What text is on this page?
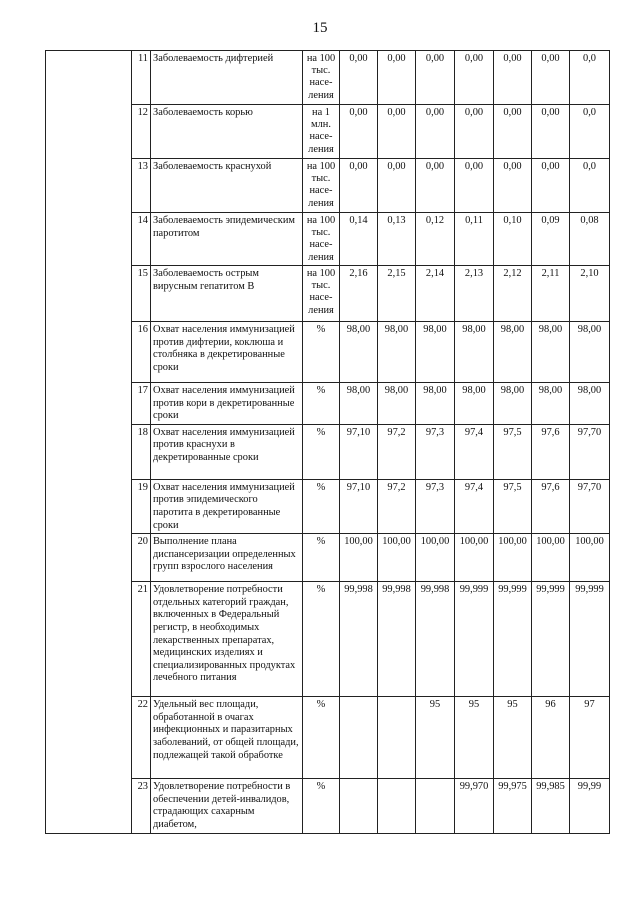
15
	11	Заболеваемость дифтерией	на 100 тыс. насе-ления	0,00	0,00	0,00	0,00	0,00	0,00	0,0
	12	Заболеваемость корью	на 1 млн. насе-ления	0,00	0,00	0,00	0,00	0,00	0,00	0,0
	13	Заболеваемость краснухой	на 100 тыс. насе-ления	0,00	0,00	0,00	0,00	0,00	0,00	0,0
	14	Заболеваемость эпидемическим паротитом	на 100 тыс. насе-ления	0,14	0,13	0,12	0,11	0,10	0,09	0,08
	15	Заболеваемость острым вирусным гепатитом В	на 100 тыс. насе-ления	2,16	2,15	2,14	2,13	2,12	2,11	2,10
	16	Охват населения иммунизацией против дифтерии, коклюша и столбняка в декретированные сроки	%	98,00	98,00	98,00	98,00	98,00	98,00	98,00
	17	Охват населения иммунизацией против кори в декретированные сроки	%	98,00	98,00	98,00	98,00	98,00	98,00	98,00
	18	Охват населения иммунизацией против краснухи в декретированные сроки	%	97,10	97,2	97,3	97,4	97,5	97,6	97,70
	19	Охват населения иммунизацией против эпидемического паротита в декретированные сроки	%	97,10	97,2	97,3	97,4	97,5	97,6	97,70
	20	Выполнение плана диспансеризации определенных групп взрослого населения	%	100,00	100,00	100,00	100,00	100,00	100,00	100,00
	21	Удовлетворение потребности отдельных категорий граждан, включенных в Федеральный регистр, в необходимых лекарственных препаратах, медицинских изделиях и специализированных продуктах лечебного питания	%	99,998	99,998	99,998	99,999	99,999	99,999	99,999
	22	Удельный вес площади, обработанной в очагах инфекционных и паразитарных заболеваний, от общей площади, подлежащей такой обработке	%			95	95	95	96	97
	23	Удовлетворение потребности в обеспечении детей-инвалидов, страдающих сахарным диабетом,	%				99,970	99,975	99,985	99,99
